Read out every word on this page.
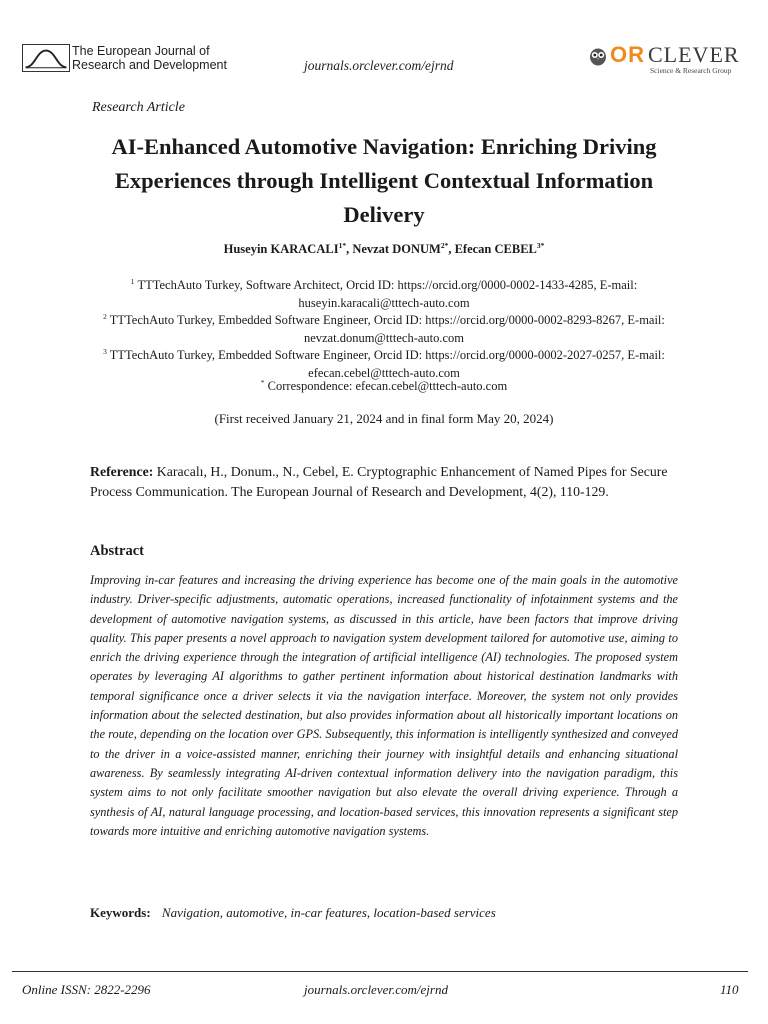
The European Journal of
Research and Development	journals.orclever.com/ejrnd	OR CLEVER
Science & Research Group
Research Article
AI-Enhanced Automotive Navigation: Enriching Driving Experiences through Intelligent Contextual Information Delivery
Huseyin $KARACALI^{1*}$, Nevzat $DONUM^{2*}$, Efecan $CEBEL^{3*}$
$^1$ TTTechAuto Turkey, Software Architect, Orcid ID: https://orcid.org/0000-0002-1433-4285, E-mail: huseyin.karacali@tttech-auto.com
$^2$ TTTechAuto Turkey, Embedded Software Engineer, Orcid ID: https://orcid.org/0000-0002-8293-8267, E-mail: nevzat.donum@tttech-auto.com
$^3$ TTTechAuto Turkey, Embedded Software Engineer, Orcid ID: https://orcid.org/0000-0002-2027-0257, E-mail: efecan.cebel@tttech-auto.com
* Correspondence: efecan.cebel@tttech-auto.com
(First received January 21, 2024 and in final form May 20, 2024)
Reference: Karacalı, H., Donum., N., Cebel, E. Cryptographic Enhancement of Named Pipes for Secure Process Communication. The European Journal of Research and Development, 4(2), 110-129.
Abstract
Improving in-car features and increasing the driving experience has become one of the main goals in the automotive industry. Driver-specific adjustments, automatic operations, increased functionality of infotainment systems and the development of automotive navigation systems, as discussed in this article, have been factors that improve driving quality. This paper presents a novel approach to navigation system development tailored for automotive use, aiming to enrich the driving experience through the integration of artificial intelligence (AI) technologies. The proposed system operates by leveraging AI algorithms to gather pertinent information about historical destination landmarks with temporal significance once a driver selects it via the navigation interface. Moreover, the system not only provides information about the selected destination, but also provides information about all historically important locations on the route, depending on the location over GPS. Subsequently, this information is intelligently synthesized and conveyed to the driver in a voice-assisted manner, enriching their journey with insightful details and enhancing situational awareness. By seamlessly integrating AI-driven contextual information delivery into the navigation paradigm, this system aims to not only facilitate smoother navigation but also elevate the overall driving experience. Through a synthesis of AI, natural language processing, and location-based services, this innovation represents a significant step towards more intuitive and enriching automotive navigation systems.
Keywords: Navigation, automotive, in-car features, location-based services
Online ISSN: 2822-2296	journals.orclever.com/ejrnd	110
